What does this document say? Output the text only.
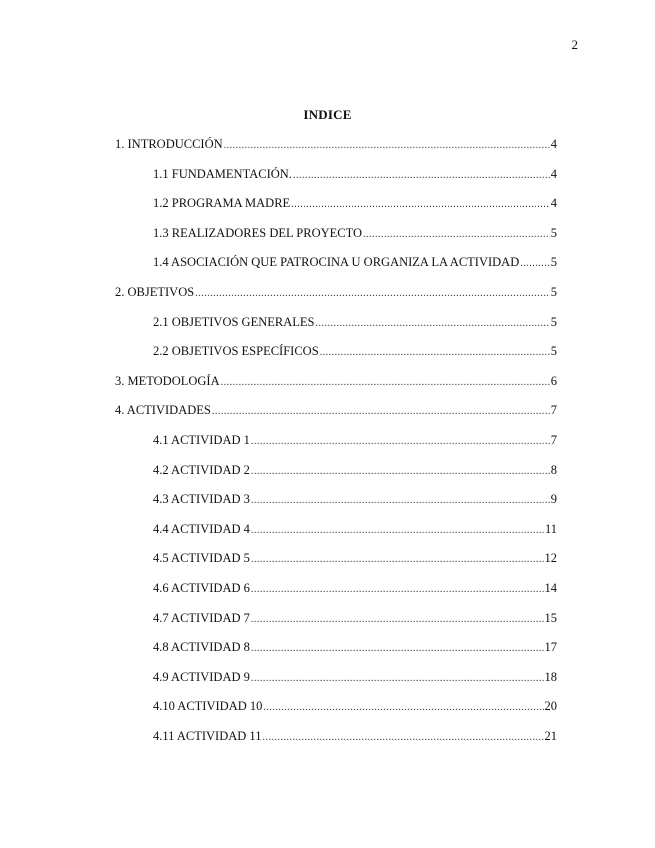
2
INDICE
1. INTRODUCCIÓN .....	4
1.1 FUNDAMENTACIÓN. .....	4
1.2 PROGRAMA MADRE .....	4
1.3 REALIZADORES DEL PROYECTO .....	5
1.4 ASOCIACIÓN QUE PATROCINA U ORGANIZA LA ACTIVIDAD .....	5
2. OBJETIVOS .....	5
2.1 OBJETIVOS GENERALES .....	5
2.2 OBJETIVOS ESPECÍFICOS .....	5
3. METODOLOGÍA .....	6
4. ACTIVIDADES .....	7
4.1 ACTIVIDAD 1 .....	7
4.2 ACTIVIDAD 2 .....	8
4.3 ACTIVIDAD 3 .....	9
4.4 ACTIVIDAD 4 .....	11
4.5 ACTIVIDAD 5 .....	12
4.6 ACTIVIDAD 6 .....	14
4.7 ACTIVIDAD 7 .....	15
4.8 ACTIVIDAD 8 .....	17
4.9 ACTIVIDAD 9 .....	18
4.10 ACTIVIDAD 10 .....	20
4.11 ACTIVIDAD 11 .....	21
